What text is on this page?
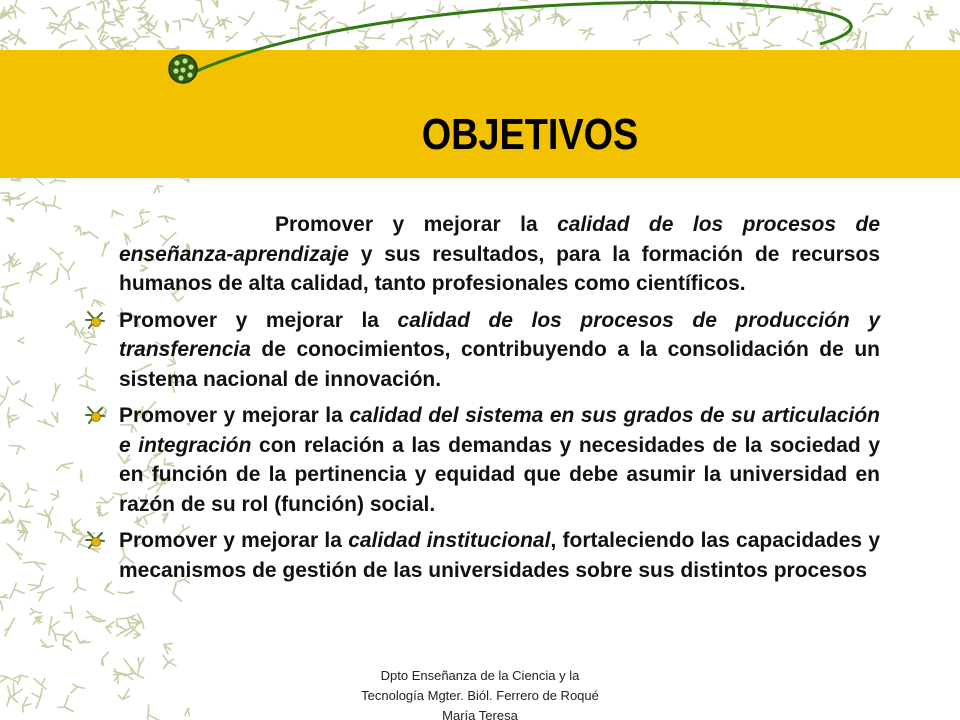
OBJETIVOS
Promover y mejorar la calidad de los procesos de enseñanza-aprendizaje y sus resultados, para la formación de recursos humanos de alta calidad, tanto profesionales como científicos.
Promover y mejorar la calidad de los procesos de producción y transferencia de conocimientos, contribuyendo a la consolidación de un sistema nacional de innovación.
Promover y mejorar la calidad del sistema en sus grados de su articulación e integración con relación a las demandas y necesidades de la sociedad y en función de la pertinencia y equidad que debe asumir la universidad en razón de su rol (función) social.
Promover y mejorar la calidad institucional, fortaleciendo las capacidades y mecanismos de gestión de las universidades sobre sus distintos procesos
Dpto Enseñanza de la Ciencia y la
Tecnología Mgter. Biól. Ferrero de Roqué
María Teresa
